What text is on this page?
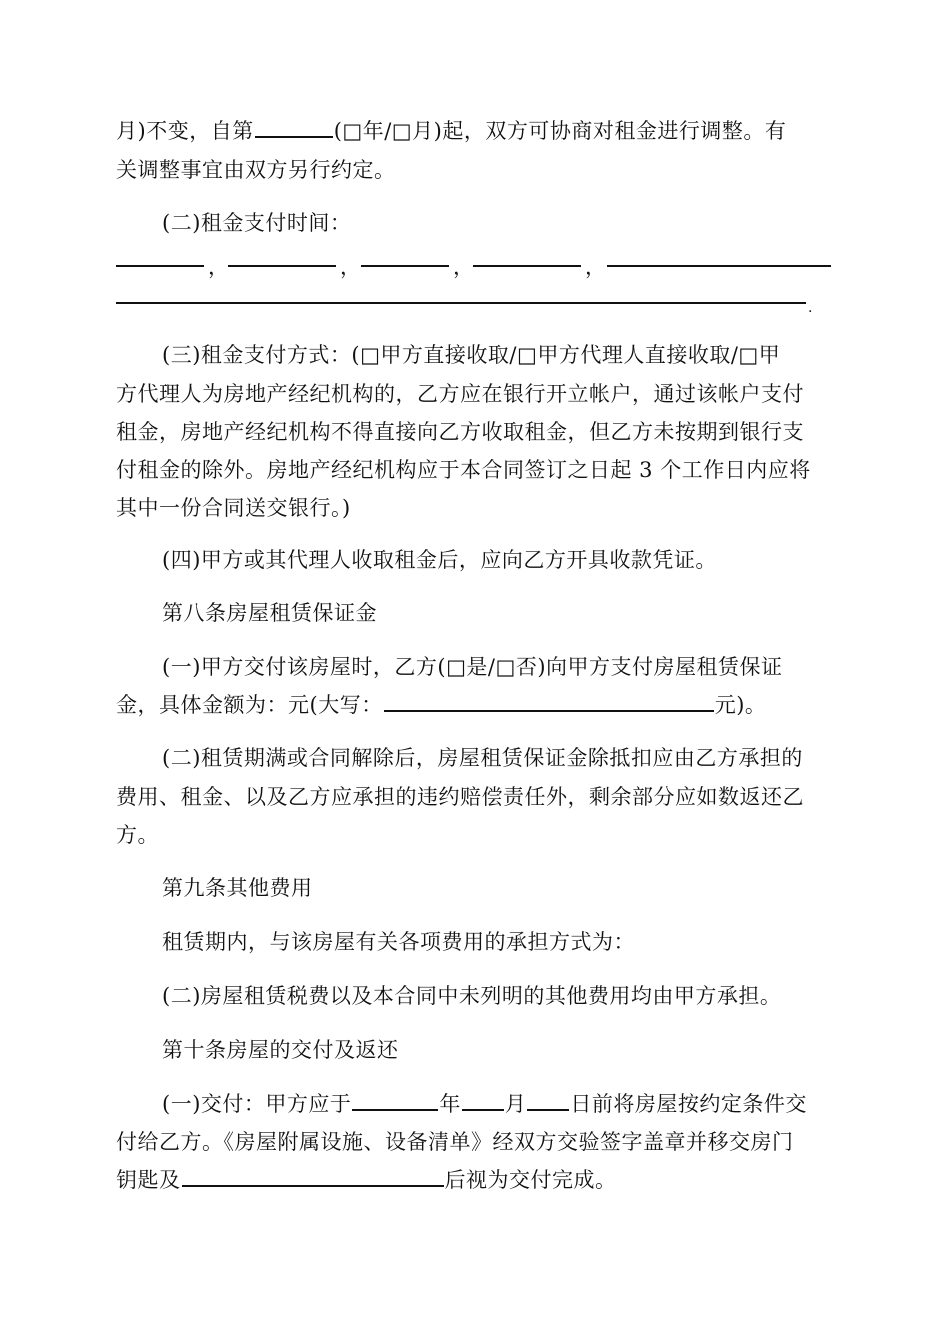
月)不变，自第	(□年/□月)起，双方可协商对租金进行调整。有
关调整事宜由双方另行约定。
(二)租金支付时间：
，	，	，	，
.
(三)租金支付方式：(□甲方直接收取/□甲方代理人直接收取/□甲
方代理人为房地产经纪机构的，乙方应在银行开立帐户，通过该帐户支付
租金，房地产经纪机构不得直接向乙方收取租金，但乙方未按期到银行支
付租金的除外。房地产经纪机构应于本合同签订之日起 3 个工作日内应将
其中一份合同送交银行。)
(四)甲方或其代理人收取租金后，应向乙方开具收款凭证。
第八条房屋租赁保证金
(一)甲方交付该房屋时，乙方(□是/□否)向甲方支付房屋租赁保证
金，具体金额为：元(大写：	元)。
(二)租赁期满或合同解除后，房屋租赁保证金除抵扣应由乙方承担的
费用、租金、以及乙方应承担的违约赔偿责任外，剩余部分应如数返还乙
方。
第九条其他费用
租赁期内，与该房屋有关各项费用的承担方式为：
(二)房屋租赁税费以及本合同中未列明的其他费用均由甲方承担。
第十条房屋的交付及返还
(一)交付：甲方应于	年 月 日前将房屋按约定条件交
付给乙方。《房屋附属设施、设备清单》经双方交验签字盖章并移交房门
钥匙及	后视为交付完成。
